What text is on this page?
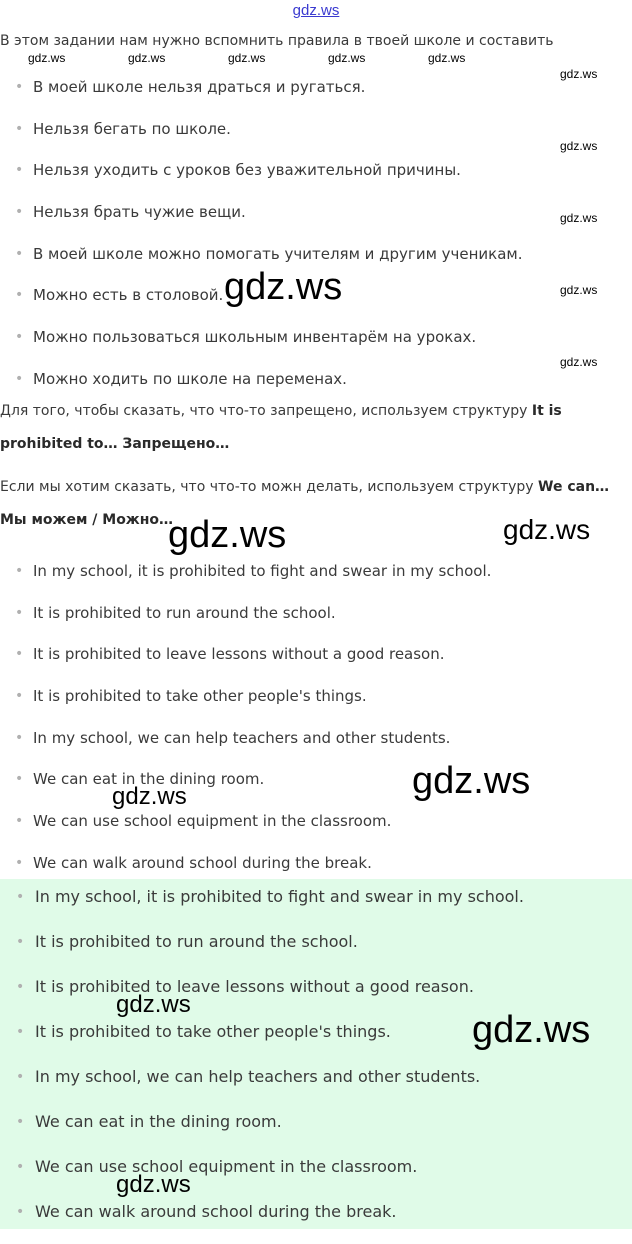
gdz.ws
В этом задании нам нужно вспомнить правила в твоей школе и составить
• В моей школе нельзя драться и ругаться.
• Нельзя бегать по школе.
• Нельзя уходить с уроков без уважительной причины.
• Нельзя брать чужие вещи.
• В моей школе можно помогать учителям и другим ученикам.
• Можно есть в столовой.
• Можно пользоваться школьным инвентарём на уроках.
• Можно ходить по школе на переменах.
Для того, чтобы сказать, что что-то запрещено, используем структуру It is prohibited to… Запрещено…
Если мы хотим сказать, что что-то можн делать, используем структуру We can… Мы можем / Можно…
• In my school, it is prohibited to fight and swear in my school.
• It is prohibited to run around the school.
• It is prohibited to leave lessons without a good reason.
• It is prohibited to take other people's things.
• In my school, we can help teachers and other students.
• We can eat in the dining room.
• We can use school equipment in the classroom.
• We can walk around school during the break.
• In my school, it is prohibited to fight and swear in my school.
• It is prohibited to run around the school.
• It is prohibited to leave lessons without a good reason.
• It is prohibited to take other people's things.
• In my school, we can help teachers and other students.
• We can eat in the dining room.
• We can use school equipment in the classroom.
• We can walk around school during the break.
gdz.ws	gdz.ws	gdz.ws	gdz.ws	gdz.ws
gdz.ws
gdz.ws
gdz.ws
gdz.ws
gdz.ws
gdz.ws
gdz.ws	gdz.ws
gdz.ws
gdz.ws
gdz.ws
gdz.ws
gdz.ws
